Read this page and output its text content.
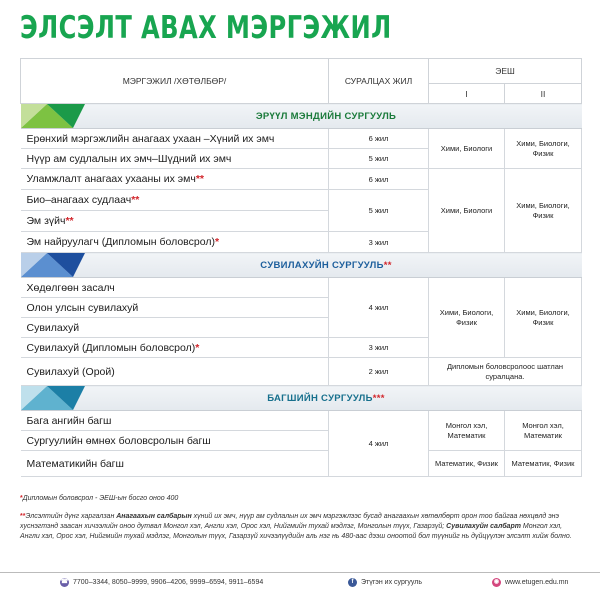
ЭЛСЭЛТ АВАХ МЭРГЭЖИЛ
МЭРГЭЖИЛ /ХӨТӨЛБӨР/	СУРАЛЦАХ ЖИЛ	ЭЕШ	
		I	II

ЭРҮҮЛ МЭНДИЙН СУРГУУЛЬ			

Ерөнхий мэргэжлийн анагаах ухаан –Хүний их эмч	6 жил	Хими, Биологи	Хими, Биологи, Физик
Нүүр ам судлалын их эмч–Шүдний их эмч	5 жил		
Уламжлалт анагаах ухааны их эмч**	6 жил	Хими, Биологи	Хими, Биологи, Физик
Био–анагаах судлаач**	5 жил		
Эм зүйч**			
Эм найруулагч (Дипломын боловсрол)*	3 жил		

СУВИЛАХУЙН СУРГУУЛЬ**			

Хөдөлгөөн засалч	4 жил	Хими, Биологи, Физик	Хими, Биологи, Физик
Олон улсын сувилахуй			
Сувилахуй			
Сувилахуй (Дипломын боловсрол)*	3 жил		
Сувилахуй (Орой)	2 жил	Дипломын боловсролоос шатлан суралцана.	

БАГШИЙН СУРГУУЛЬ***			

Бага ангийн багш	4 жил	Монгол хэл, Математик	Монгол хэл, Математик
Сургуулийн өмнөх боловсролын багш			
Математикийн багш		Математик, Физик	Математик, Физик
*Дипломын боловсрол - ЭЕШ-ын босго оноо 400
**Элсэлтийн дүнг харгалзан Анагаахын салбарын хүний их эмч, нүүр ам судлалын их эмч мэргэжлээс бусад анагаахын хөтөлбөрт орон тоо байгаа нөхцөлд энэ хуснэгтэнд заасан хичээлийн оноо дутвал Монгол хэл, Англи хэл, Орос хэл, Нийгмийн тухай мэдлэг, Монголын түүх, Газарзүй; Сувилахуйн салбарт Монгол хэл, Англи хэл, Орос хэл, Нийгмийн тухай мэдлэг, Монголын түүх, Газарзүй хичээлүүдийн аль нэг нь 480-аас дээш оноотой бол түүнийг нь дүйцүүлэн элсэлт хийж болно.
☎ 7700–3344, 8050–9999, 9906–4206, 9999–6594, 9911–6594	f	Этүгэн их сургууль	◉ www.etugen.edu.mn
